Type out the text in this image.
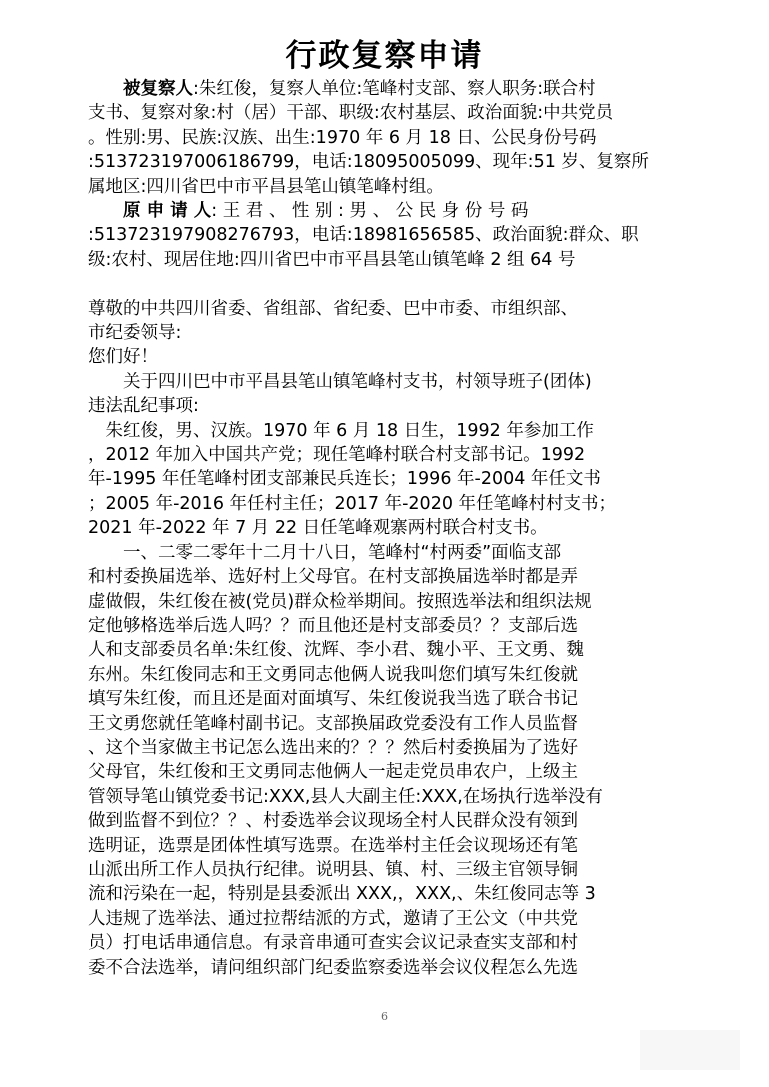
行政复察申请

　　被复察人:朱红俊，复察人单位:笔峰村支部、察人职务:联合村

支书、复察对象:村（居）干部、职级:农村基层、政治面貌:中共党员

。性别:男、民族:汉族、出生:1970 年 6 月 18 日、公民身份号码

:513723197006186799，电话:18095005099、现年:51 岁、复察所

属地区:四川省巴中市平昌县笔山镇笔峰村组。

　　原 申 请 人: 王 君 、 性 别 : 男 、 公 民 身 份 号 码

:513723197908276793，电话:18981656585、政治面貌:群众、职

级:农村、现居住地:四川省巴中市平昌县笔山镇笔峰 2 组 64 号

尊敬的中共四川省委、省组部、省纪委、巴中市委、市组织部、

市纪委领导:

您们好！

　　关于四川巴中市平昌县笔山镇笔峰村支书，村领导班子(团体)

违法乱纪事项:

　朱红俊，男、汉族。1970 年 6 月 18 日生，1992 年参加工作

，2012 年加入中国共产党；现任笔峰村联合村支部书记。1992

年-1995 年任笔峰村团支部兼民兵连长；1996 年-2004 年任文书

；2005 年-2016 年任村主任；2017 年-2020 年任笔峰村村支书；

2021 年-2022 年 7 月 22 日任笔峰观寨两村联合村支书。

　　一、二零二零年十二月十八日，笔峰村“村两委”面临支部

和村委换届选举、选好村上父母官。在村支部换届选举时都是弄

虚做假，朱红俊在被(党员)群众检举期间。按照选举法和组织法规

定他够格选举后选人吗？？而且他还是村支部委员？？支部后选

人和支部委员名单:朱红俊、沈辉、李小君、魏小平、王文勇、魏

东州。朱红俊同志和王文勇同志他俩人说我叫您们填写朱红俊就

填写朱红俊，而且还是面对面填写、朱红俊说我当选了联合书记

王文勇您就任笔峰村副书记。支部换届政党委没有工作人员监督

、这个当家做主书记怎么选出来的？？？然后村委换届为了选好

父母官，朱红俊和王文勇同志他俩人一起走党员串农户，上级主

管领导笔山镇党委书记:XXX,县人大副主任:XXX,在场执行选举没有

做到监督不到位？？、村委选举会议现场全村人民群众没有领到

选明证，选票是团体性填写选票。在选举村主任会议现场还有笔

山派出所工作人员执行纪律。说明县、镇、村、三级主官领导铜

流和污染在一起，特别是县委派出 XXX,，XXX,、朱红俊同志等 3

人违规了选举法、通过拉帮结派的方式，邀请了王公文（中共党

员）打电话串通信息。有录音串通可查实会议记录查实支部和村

委不合法选举，请问组织部门纪委监察委选举会议仪程怎么先选

6
